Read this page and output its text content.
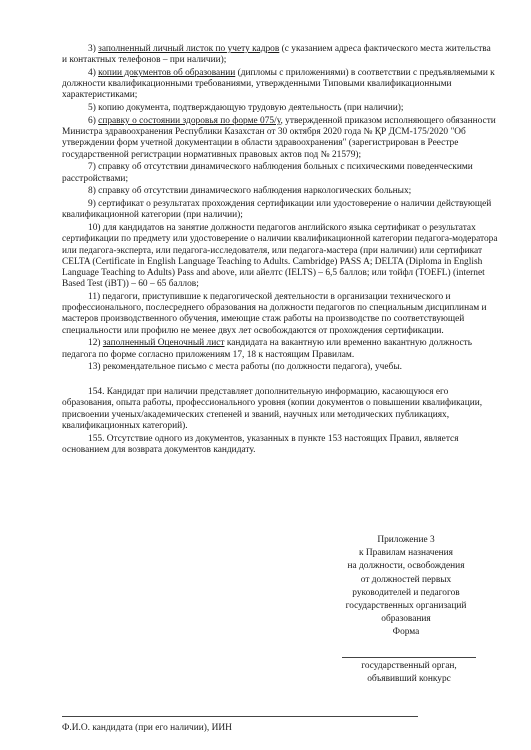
3) заполненный личный листок по учету кадров (с указанием адреса фактического места жительства и контактных телефонов – при наличии);
4) копии документов об образовании (дипломы с приложениями) в соответствии с предъявляемыми к должности квалификационными требованиями, утвержденными Типовыми квалификационными характеристиками;
5) копию документа, подтверждающую трудовую деятельность (при наличии);
6) справку о состоянии здоровья по форме 075/у, утвержденной приказом исполняющего обязанности Министра здравоохранения Республики Казахстан от 30 октября 2020 года № ҚР ДСМ-175/2020 "Об утверждении форм учетной документации в области здравоохранения" (зарегистрирован в Реестре государственной регистрации нормативных правовых актов под № 21579);
7) справку об отсутствии динамического наблюдения больных с психическими поведенческими расстройствами;
8) справку об отсутствии динамического наблюдения наркологических больных;
9) сертификат о результатах прохождения сертификации или удостоверение о наличии действующей квалификационной категории (при наличии);
10) для кандидатов на занятие должности педагогов английского языка сертификат о результатах сертификации по предмету или удостоверение о наличии квалификационной категории педагога-модератора или педагога-эксперта, или педагога-исследователя, или педагога-мастера (при наличии) или сертификат CELTA (Certificate in English Language Teaching to Adults. Cambridge) PASS A; DELTA (Diploma in English Language Teaching to Adults) Pass and above, или айелтс (IELTS) – 6,5 баллов; или тойфл (TOEFL) (internet Based Test (iBT)) – 60 – 65 баллов;
11) педагоги, приступившие к педагогической деятельности в организации технического и профессионального, послесреднего образования на должности педагогов по специальным дисциплинам и мастеров производственного обучения, имеющие стаж работы на производстве по соответствующей специальности или профилю не менее двух лет освобождаются от прохождения сертификации.
12) заполненный Оценочный лист кандидата на вакантную или временно вакантную должность педагога по форме согласно приложениям 17, 18 к настоящим Правилам.
13) рекомендательное письмо с места работы (по должности педагога), учебы.
154. Кандидат при наличии представляет дополнительную информацию, касающуюся его образования, опыта работы, профессионального уровня (копии документов о повышении квалификации, присвоении ученых/академических степеней и званий, научных или методических публикациях, квалификационных категорий).
155. Отсутствие одного из документов, указанных в пункте 153 настоящих Правил, является основанием для возврата документов кандидату.
Приложение 3
к Правилам назначения
на должности, освобождения
от должностей первых
руководителей и педагогов
государственных организаций
образования
Форма
государственный орган,
объявивший конкурс
Ф.И.О. кандидата (при его наличии), ИИН
